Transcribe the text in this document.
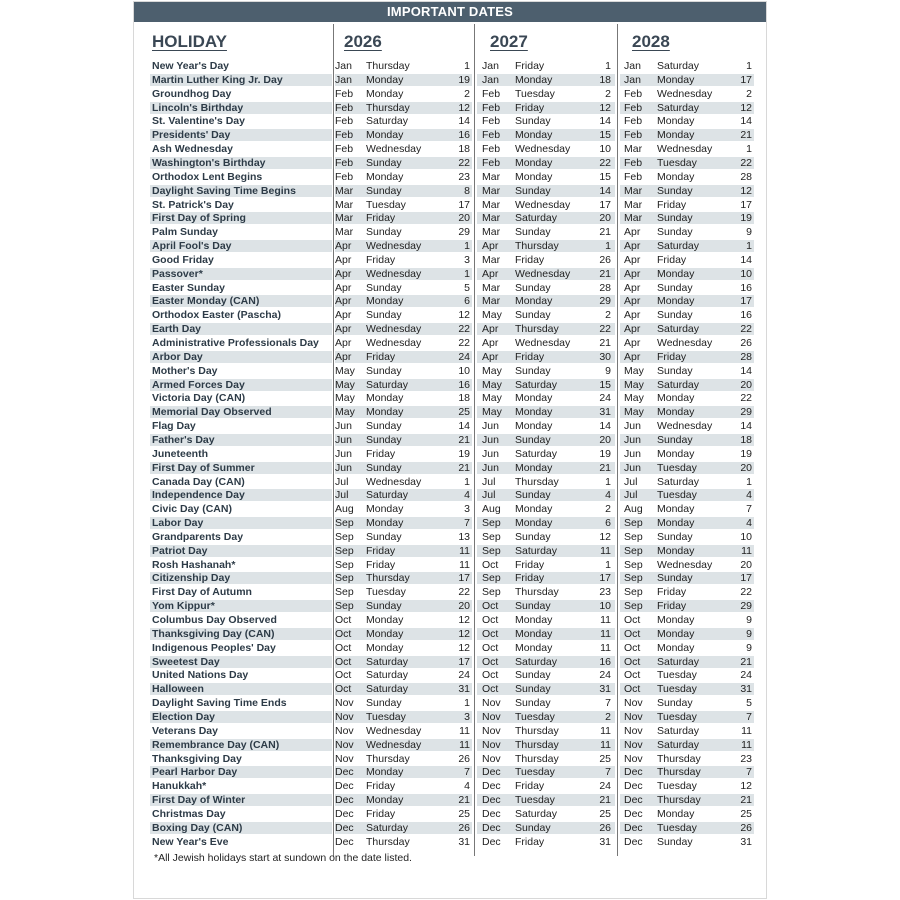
IMPORTANT DATES
HOLIDAY	2026	2027	2028
New Year's Day	Jan Thursday	1 Jan Friday	1 Jan Saturday	1
Martin Luther King Jr. Day	Jan Monday	19 Jan Monday	18 Jan Monday	17
Groundhog Day	Feb Monday	2 Feb Tuesday	2 Feb Wednesday	2
Lincoln's Birthday	Feb Thursday	12 Feb Friday	12 Feb Saturday	12
St. Valentine's Day	Feb Saturday	14 Feb Sunday	14 Feb Monday	14
Presidents' Day	Feb Monday	16 Feb Monday	15 Feb Monday	21
Ash Wednesday	Feb Wednesday	18 Feb Wednesday	10 Mar Wednesday	1
Washington's Birthday	Feb Sunday	22 Feb Monday	22 Feb Tuesday	22
Orthodox Lent Begins	Feb Monday	23 Mar Monday	15 Feb Monday	28
Daylight Saving Time Begins	Mar Sunday	8 Mar Sunday	14 Mar Sunday	12
St. Patrick's Day	Mar Tuesday	17 Mar Wednesday	17 Mar Friday	17
First Day of Spring	Mar Friday	20 Mar Saturday	20 Mar Sunday	19
Palm Sunday	Mar Sunday	29 Mar Sunday	21 Apr Sunday	9
April Fool's Day	Apr Wednesday	1 Apr Thursday	1 Apr Saturday	1
Good Friday	Apr Friday	3 Mar Friday	26 Apr Friday	14
Passover*	Apr Wednesday	1 Apr Wednesday	21 Apr Monday	10
Easter Sunday	Apr Sunday	5 Mar Sunday	28 Apr Sunday	16
Easter Monday (CAN)	Apr Monday	6 Mar Monday	29 Apr Monday	17
Orthodox Easter (Pascha)	Apr Sunday	12 May Sunday	2 Apr Sunday	16
Earth Day	Apr Wednesday	22 Apr Thursday	22 Apr Saturday	22
Administrative Professionals Day Apr Wednesday	22 Apr Wednesday	21 Apr Wednesday	26
Arbor Day	Apr Friday	24 Apr Friday	30 Apr Friday	28
Mother's Day	May Sunday	10 May Sunday	9 May Sunday	14
Armed Forces Day	May Saturday	16 May Saturday	15 May Saturday	20
Victoria Day (CAN)	May Monday	18 May Monday	24 May Monday	22
Memorial Day Observed	May Monday	25 May Monday	31 May Monday	29
Flag Day	Jun Sunday	14 Jun Monday	14 Jun Wednesday	14
Father's Day	Jun Sunday	21 Jun Sunday	20 Jun Sunday	18
Juneteenth	Jun Friday	19 Jun Saturday	19 Jun Monday	19
First Day of Summer	Jun Sunday	21 Jun Monday	21 Jun Tuesday	20
Canada Day (CAN)	Jul Wednesday	1 Jul Thursday	1 Jul Saturday	1
Independence Day	Jul Saturday	4 Jul Sunday	4 Jul Tuesday	4
Civic Day (CAN)	Aug Monday	3 Aug Monday	2 Aug Monday	7
Labor Day	Sep Monday	7 Sep Monday	6 Sep Monday	4
Grandparents Day	Sep Sunday	13 Sep Sunday	12 Sep Sunday	10
Patriot Day	Sep Friday	11 Sep Saturday	11 Sep Monday	11
Rosh Hashanah*	Sep Friday	11 Oct Friday	1 Sep Wednesday	20
Citizenship Day	Sep Thursday	17 Sep Friday	17 Sep Sunday	17
First Day of Autumn	Sep Tuesday	22 Sep Thursday	23 Sep Friday	22
Yom Kippur*	Sep Sunday	20 Oct Sunday	10 Sep Friday	29
Columbus Day Observed	Oct Monday	12 Oct Monday	11 Oct Monday	9
Thanksgiving Day (CAN)	Oct Monday	12 Oct Monday	11 Oct Monday	9
Indigenous Peoples' Day	Oct Monday	12 Oct Monday	11 Oct Monday	9
Sweetest Day	Oct Saturday	17 Oct Saturday	16 Oct Saturday	21
United Nations Day	Oct Saturday	24 Oct Sunday	24 Oct Tuesday	24
Halloween	Oct Saturday	31 Oct Sunday	31 Oct Tuesday	31
Daylight Saving Time Ends	Nov Sunday	1 Nov Sunday	7 Nov Sunday	5
Election Day	Nov Tuesday	3 Nov Tuesday	2 Nov Tuesday	7
Veterans Day	Nov Wednesday	11 Nov Thursday	11 Nov Saturday	11
Remembrance Day (CAN)	Nov Wednesday	11 Nov Thursday	11 Nov Saturday	11
Thanksgiving Day	Nov Thursday	26 Nov Thursday	25 Nov Thursday	23
Pearl Harbor Day	Dec Monday	7 Dec Tuesday	7 Dec Thursday	7
Hanukkah*	Dec Friday	4 Dec Friday	24 Dec Tuesday	12
First Day of Winter	Dec Monday	21 Dec Tuesday	21 Dec Thursday	21
Christmas Day	Dec Friday	25 Dec Saturday	25 Dec Monday	25
Boxing Day (CAN)	Dec Saturday	26 Dec Sunday	26 Dec Tuesday	26
New Year's Eve	Dec Thursday	31 Dec Friday	31 Dec Sunday	31
*All Jewish holidays start at sundown on the date listed.
